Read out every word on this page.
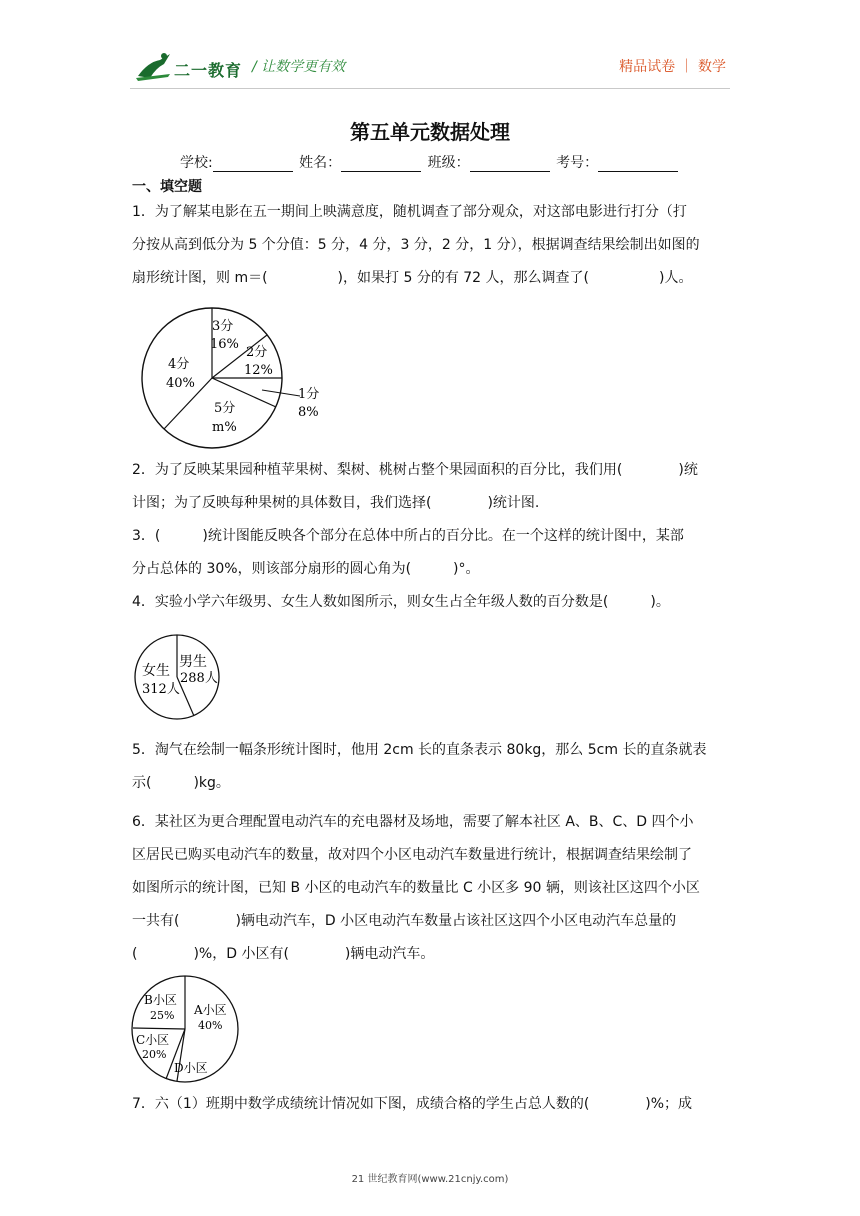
二一教育 / 让数学更有效	精品试卷 ｜ 数学
第五单元数据处理
学校:	姓名：	班级：	考号：
一、填空题
1．为了解某电影在五一期间上映满意度，随机调查了部分观众，对这部电影进行打分（打
分按从高到低分为 5 个分值：5 分，4 分，3 分，2 分，1 分），根据调查结果绘制出如图的
扇形统计图，则 m＝(　　　　　)，如果打 5 分的有 72 人，那么调查了(　　　　　)人。
3分
16%
2分
12%
1分
8%
5分
m%
4分
40%
2．为了反映某果园种植苹果树、梨树、桃树占整个果园面积的百分比，我们用(　　　　)统
计图；为了反映每种果树的具体数目，我们选择(　　　　)统计图.
3．(　　　)统计图能反映各个部分在总体中所占的百分比。在一个这样的统计图中，某部
分占总体的 30%，则该部分扇形的圆心角为(　　　)°。
4．实验小学六年级男、女生人数如图所示，则女生占全年级人数的百分数是(　　　)。
女生
312人
男生
288人
5．淘气在绘制一幅条形统计图时，他用 2cm 长的直条表示 80kg，那么 5cm 长的直条就表
示(　　　)kg。
6．某社区为更合理配置电动汽车的充电器材及场地，需要了解本社区 A、B、C、D 四个小
区居民已购买电动汽车的数量，故对四个小区电动汽车数量进行统计，根据调查结果绘制了
如图所示的统计图，已知 B 小区的电动汽车的数量比 C 小区多 90 辆，则该社区这四个小区
一共有(　　　　)辆电动汽车，D 小区电动汽车数量占该社区这四个小区电动汽车总量的
(　　　　)%，D 小区有(　　　　)辆电动汽车。
A小区
40%
B小区
25%
C小区
20%
D小区
7．六（1）班期中数学成绩统计情况如下图，成绩合格的学生占总人数的(　　　　)%；成
21 世纪教育网(www.21cnjy.com)
